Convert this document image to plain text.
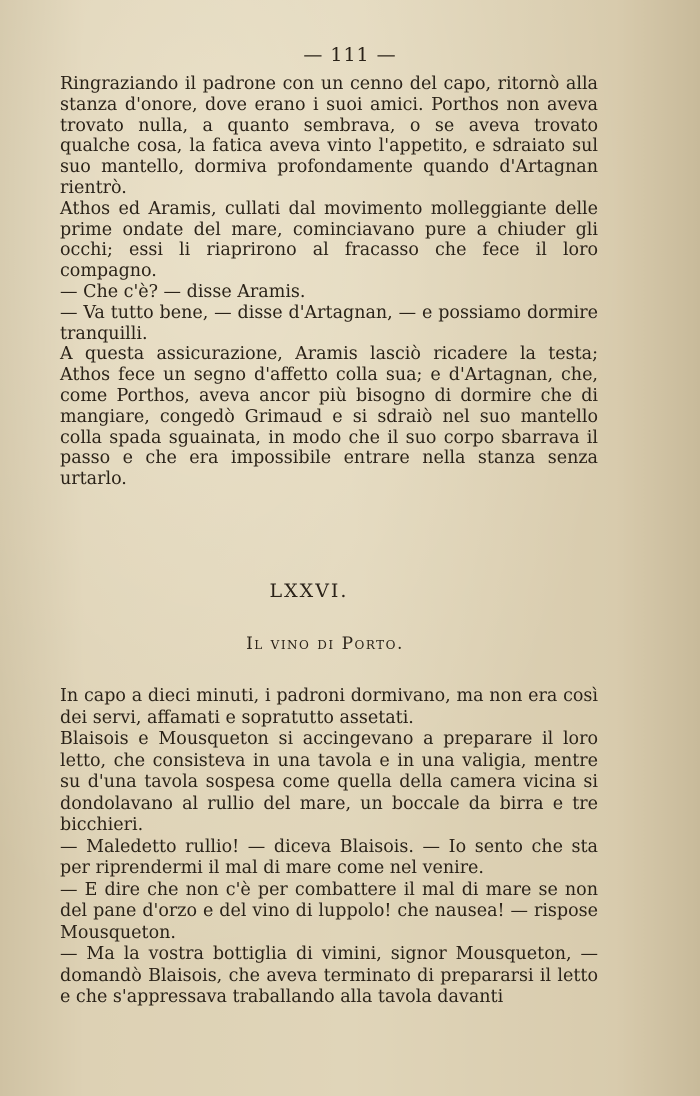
— 111 —

Ringraziando il padrone con un cenno del capo, ritornò alla stanza d'onore, dove erano i suoi amici. Porthos non aveva trovato nulla, a quanto sembrava, o se aveva trovato qualche cosa, la fatica aveva vinto l'appetito, e sdraiato sul suo mantello, dormiva profondamente quando d'Artagnan rientrò.

Athos ed Aramis, cullati dal movimento molleggiante delle prime ondate del mare, cominciavano pure a chiuder gli occhi; essi li riaprirono al fracasso che fece il loro compagno.

— Che c'è? — disse Aramis.

— Va tutto bene, — disse d'Artagnan, — e possiamo dormire tranquilli.

A questa assicurazione, Aramis lasciò ricadere la testa; Athos fece un segno d'affetto colla sua; e d'Artagnan, che, come Porthos, aveva ancor più bisogno di dormire che di mangiare, congedò Grimaud e si sdraiò nel suo mantello colla spada sguainata, in modo che il suo corpo sbarrava il passo e che era impossibile entrare nella stanza senza urtarlo.

LXXVI.
Il vino di Porto.

In capo a dieci minuti, i padroni dormivano, ma non era così dei servi, affamati e sopratutto assetati.

Blaisois e Mousqueton si accingevano a preparare il loro letto, che consisteva in una tavola e in una valigia, mentre su d'una tavola sospesa come quella della camera vicina si dondolavano al rullio del mare, un boccale da birra e tre bicchieri.

— Maledetto rullio! — diceva Blaisois. — Io sento che sta per riprendermi il mal di mare come nel venire.

— E dire che non c'è per combattere il mal di mare se non del pane d'orzo e del vino di luppolo! che nausea! — rispose Mousqueton.

— Ma la vostra bottiglia di vimini, signor Mousqueton, — domandò Blaisois, che aveva terminato di prepararsi il letto e che s'appressava traballando alla tavola davanti
